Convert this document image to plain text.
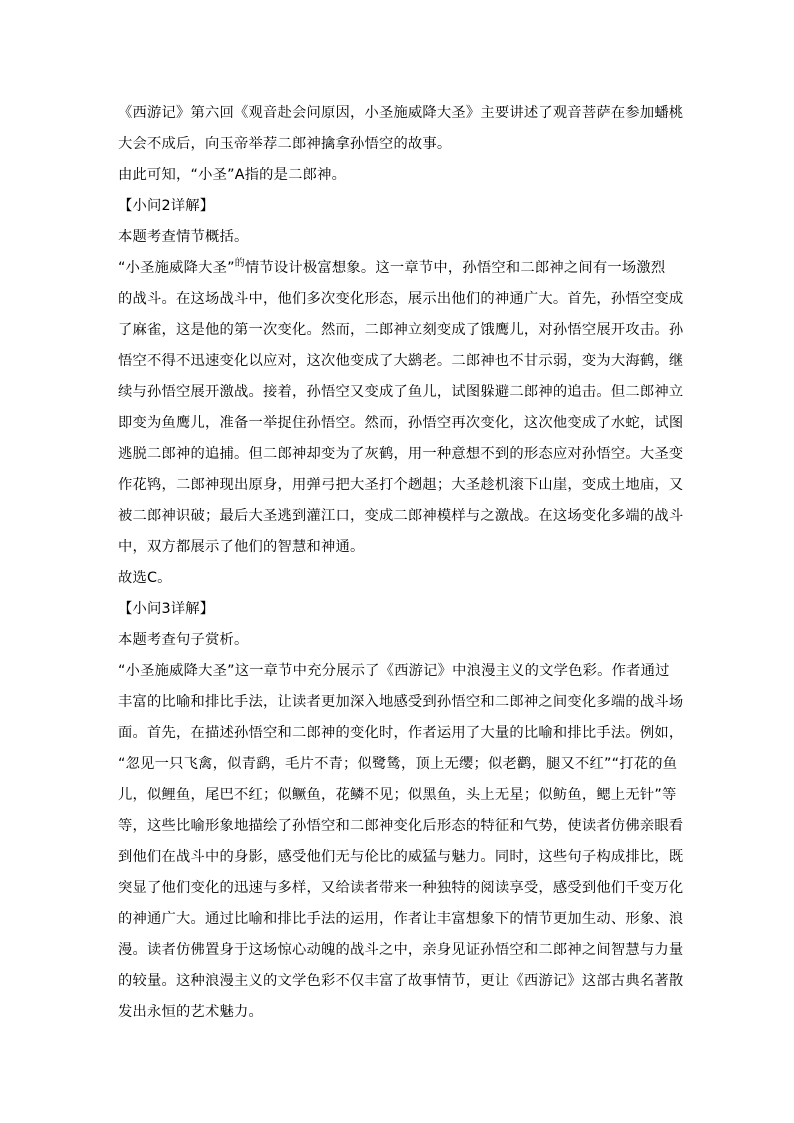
《西游记》第六回《观音赴会问原因，小圣施威降大圣》主要讲述了观音菩萨在参加蟠桃
大会不成后，向玉帝举荐二郎神擒拿孙悟空的故事。
由此可知，“小圣”A指的是二郎神。
【小问2详解】
本题考查情节概括。
“小圣施威降大圣”$^的$情节设计极富想象。这一章节中，孙悟空和二郎神之间有一场激烈
的战斗。在这场战斗中，他们多次变化形态，展示出他们的神通广大。首先，孙悟空变成
了麻雀，这是他的第一次变化。然而，二郎神立刻变成了饿鹰儿，对孙悟空展开攻击。孙
悟空不得不迅速变化以应对，这次他变成了大鹚老。二郎神也不甘示弱，变为大海鹤，继
续与孙悟空展开激战。接着，孙悟空又变成了鱼儿，试图躲避二郎神的追击。但二郎神立
即变为鱼鹰儿，准备一举捉住孙悟空。然而，孙悟空再次变化，这次他变成了水蛇，试图
逃脱二郎神的追捕。但二郎神却变为了灰鹤，用一种意想不到的形态应对孙悟空。大圣变
作花鸨，二郎神现出原身，用弹弓把大圣打个趔趄；大圣趁机滚下山崖，变成土地庙，又
被二郎神识破；最后大圣逃到灌江口，变成二郎神模样与之激战。在这场变化多端的战斗
中，双方都展示了他们的智慧和神通。
故选C。
【小问3详解】
本题考查句子赏析。
“小圣施威降大圣”这一章节中充分展示了《西游记》中浪漫主义的文学色彩。作者通过
丰富的比喻和排比手法，让读者更加深入地感受到孙悟空和二郎神之间变化多端的战斗场
面。首先，在描述孙悟空和二郎神的变化时，作者运用了大量的比喻和排比手法。例如，
“忽见一只飞禽，似青鹞，毛片不青；似鹭鸶，顶上无缨；似老鹳，腿又不红”“打花的鱼
儿，似鲤鱼，尾巴不红；似鳜鱼，花鳞不见；似黑鱼，头上无星；似鲂鱼，鳃上无针”等
等，这些比喻形象地描绘了孙悟空和二郎神变化后形态的特征和气势，使读者仿佛亲眼看
到他们在战斗中的身影，感受他们无与伦比的威猛与魅力。同时，这些句子构成排比，既
突显了他们变化的迅速与多样，又给读者带来一种独特的阅读享受，感受到他们千变万化
的神通广大。通过比喻和排比手法的运用，作者让丰富想象下的情节更加生动、形象、浪
漫。读者仿佛置身于这场惊心动魄的战斗之中，亲身见证孙悟空和二郎神之间智慧与力量
的较量。这种浪漫主义的文学色彩不仅丰富了故事情节，更让《西游记》这部古典名著散
发出永恒的艺术魅力。
